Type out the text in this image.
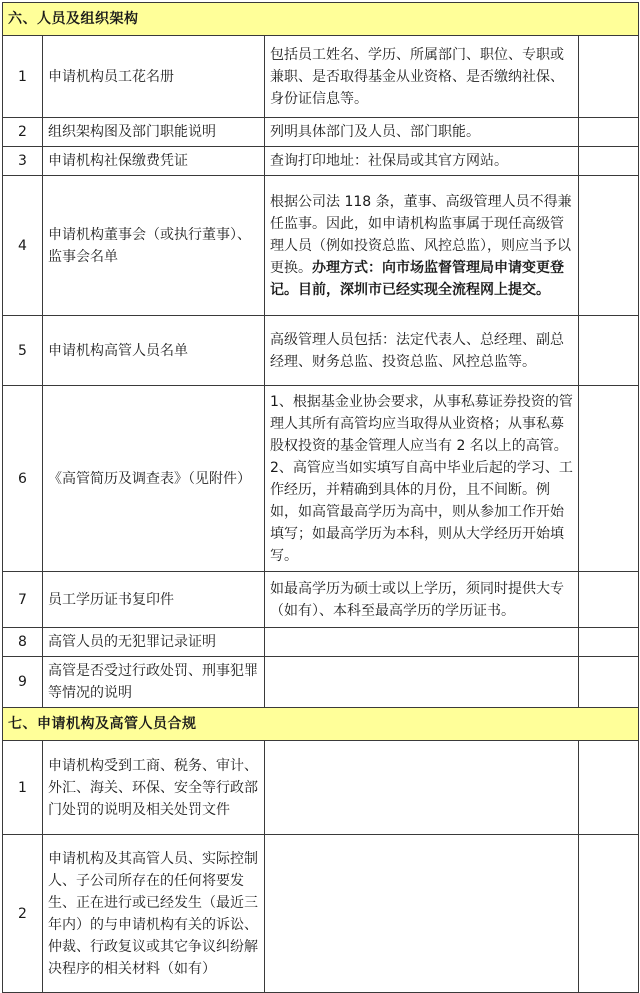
六、人员及组织架构			
1	申请机构员工花名册	包括员工姓名、学历、所属部门、职位、专职或兼职、是否取得基金从业资格、是否缴纳社保、身份证信息等。	
2	组织架构图及部门职能说明	列明具体部门及人员、部门职能。	
3	申请机构社保缴费凭证	查询打印地址：社保局或其官方网站。	
4	申请机构董事会（或执行董事）、监事会名单	根据公司法 118 条，董事、高级管理人员不得兼任监事。因此，如申请机构监事属于现任高级管理人员（例如投资总监、风控总监），则应当予以更换。办理方式：向市场监督管理局申请变更登记。目前，深圳市已经实现全流程网上提交。	
5	申请机构高管人员名单	高级管理人员包括：法定代表人、总经理、副总经理、财务总监、投资总监、风控总监等。	
6	《高管简历及调查表》（见附件）	1、根据基金业协会要求，从事私募证券投资的管理人其所有高管均应当取得从业资格；从事私募股权投资的基金管理人应当有 2 名以上的高管。2、高管应当如实填写自高中毕业后起的学习、工作经历，并精确到具体的月份，且不间断。例如，如高管最高学历为高中，则从参加工作开始填写；如最高学历为本科，则从大学经历开始填写。	
7	员工学历证书复印件	如最高学历为硕士或以上学历，须同时提供大专（如有）、本科至最高学历的学历证书。	
8	高管人员的无犯罪记录证明		
9	高管是否受过行政处罚、刑事犯罪等情况的说明		
七、申请机构及高管人员合规			
1	申请机构受到工商、税务、审计、外汇、海关、环保、安全等行政部门处罚的说明及相关处罚文件		
2	申请机构及其高管人员、实际控制人、子公司所存在的任何将要发生、正在进行或已经发生（最近三年内）的与申请机构有关的诉讼、仲裁、行政复议或其它争议纠纷解决程序的相关材料（如有）		
